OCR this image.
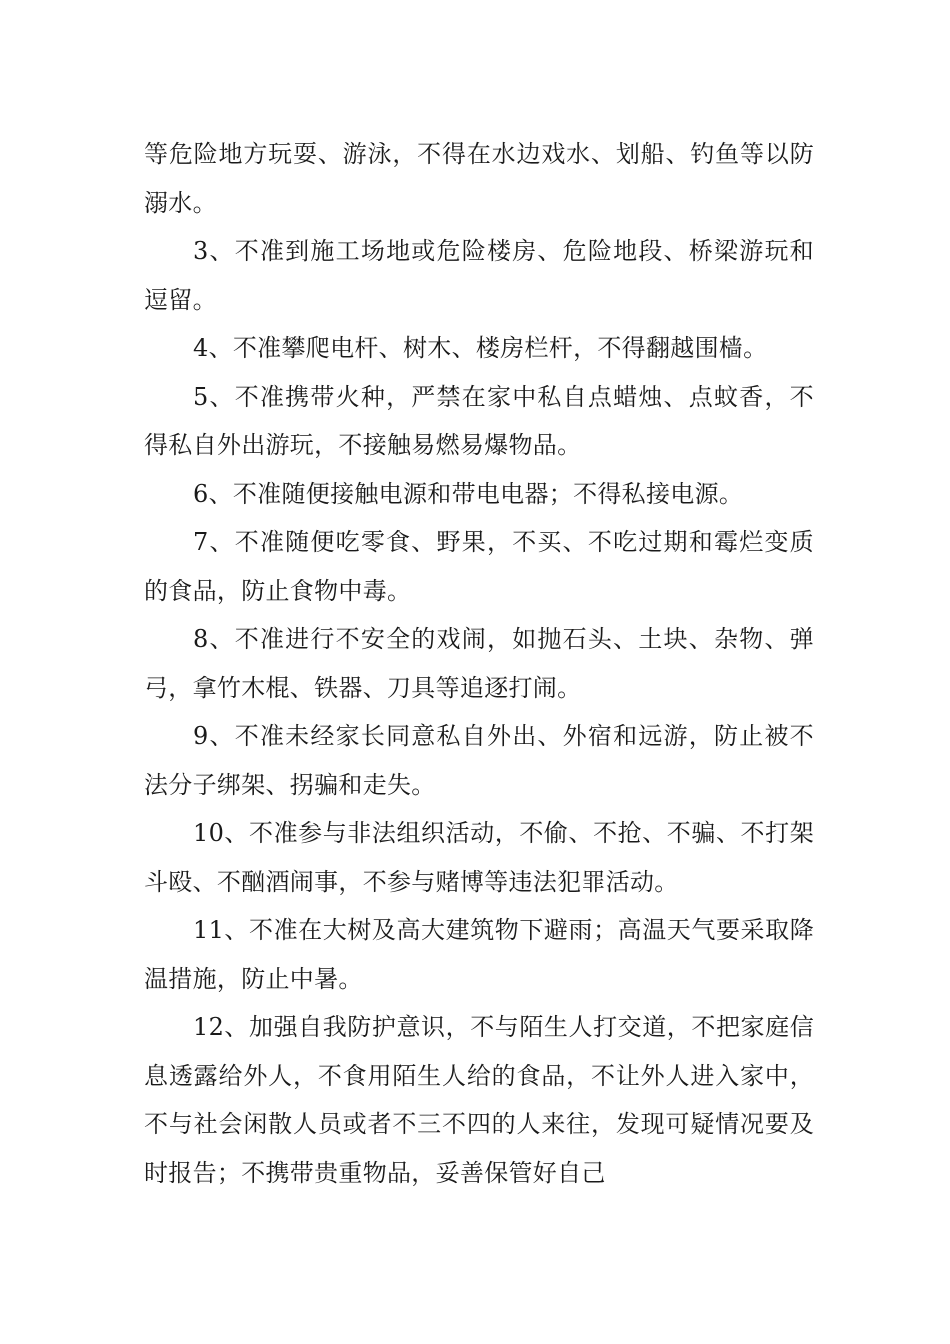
等危险地方玩耍、游泳，不得在水边戏水、划船、钓鱼等以防溺水。

3、不准到施工场地或危险楼房、危险地段、桥梁游玩和逗留。

4、不准攀爬电杆、树木、楼房栏杆，不得翻越围樯。

5、不准携带火种，严禁在家中私自点蜡烛、点蚊香，不得私自外出游玩，不接触易燃易爆物品。

6、不准随便接触电源和带电电器；不得私接电源。

7、不准随便吃零食、野果，不买、不吃过期和霉烂变质的食品，防止食物中毒。

8、不准进行不安全的戏闹，如抛石头、土块、杂物、弹弓，拿竹木棍、铁器、刀具等追逐打闹。

9、不准未经家长同意私自外出、外宿和远游，防止被不法分子绑架、拐骗和走失。

10、不准参与非法组织活动，不偷、不抢、不骗、不打架斗殴、不酗酒闹事，不参与赌博等违法犯罪活动。

11、不准在大树及高大建筑物下避雨；高温天气要采取降温措施，防止中暑。

12、加强自我防护意识，不与陌生人打交道，不把家庭信息透露给外人，不食用陌生人给的食品，不让外人进入家中，不与社会闲散人员或者不三不四的人来往，发现可疑情况要及时报告；不携带贵重物品，妥善保管好自己
